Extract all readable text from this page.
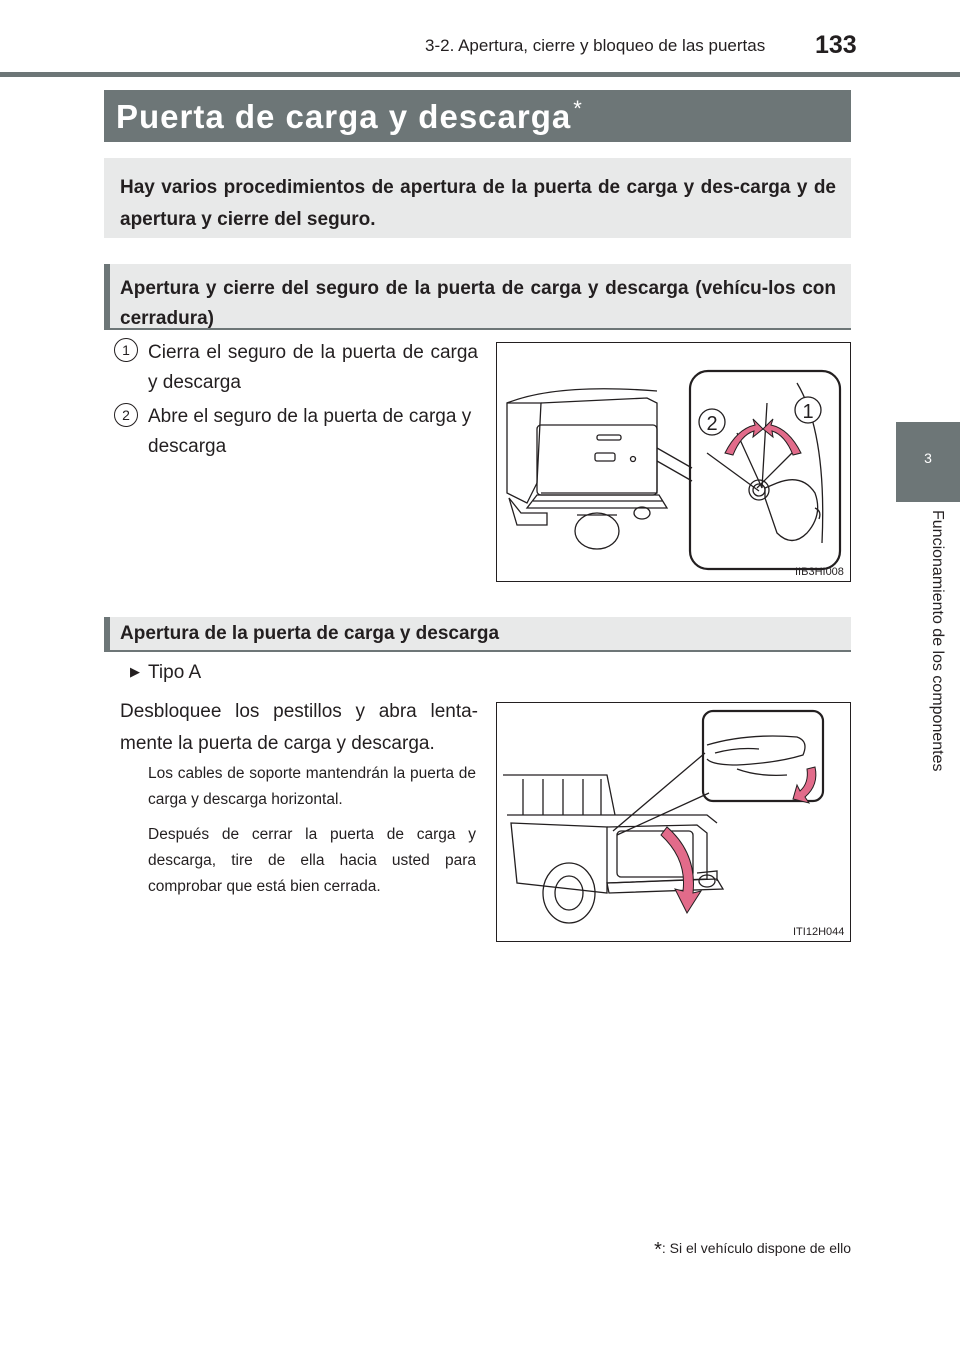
3-2. Apertura, cierre y bloqueo de las puertas 133
3
Funcionamiento de los componentes
Puerta de carga y descarga*
Hay varios procedimientos de apertura de la puerta de carga y des-carga y de apertura y cierre del seguro.
Apertura y cierre del seguro de la puerta de carga y descarga (vehícu-los con cerradura)
1 Cierra el seguro de la puerta de carga y descarga
2 Abre el seguro de la puerta de carga y descarga
2
1
IIB3HI008
Apertura de la puerta de carga y descarga
▶ Tipo A
Desbloquee los pestillos y abra lenta-mente la puerta de carga y descarga.
Los cables de soporte mantendrán la puerta de carga y descarga horizontal.
Después de cerrar la puerta de carga y descarga, tire de ella hacia usted para comprobar que está bien cerrada.
ITI12H044
*: Si el vehículo dispone de ello
